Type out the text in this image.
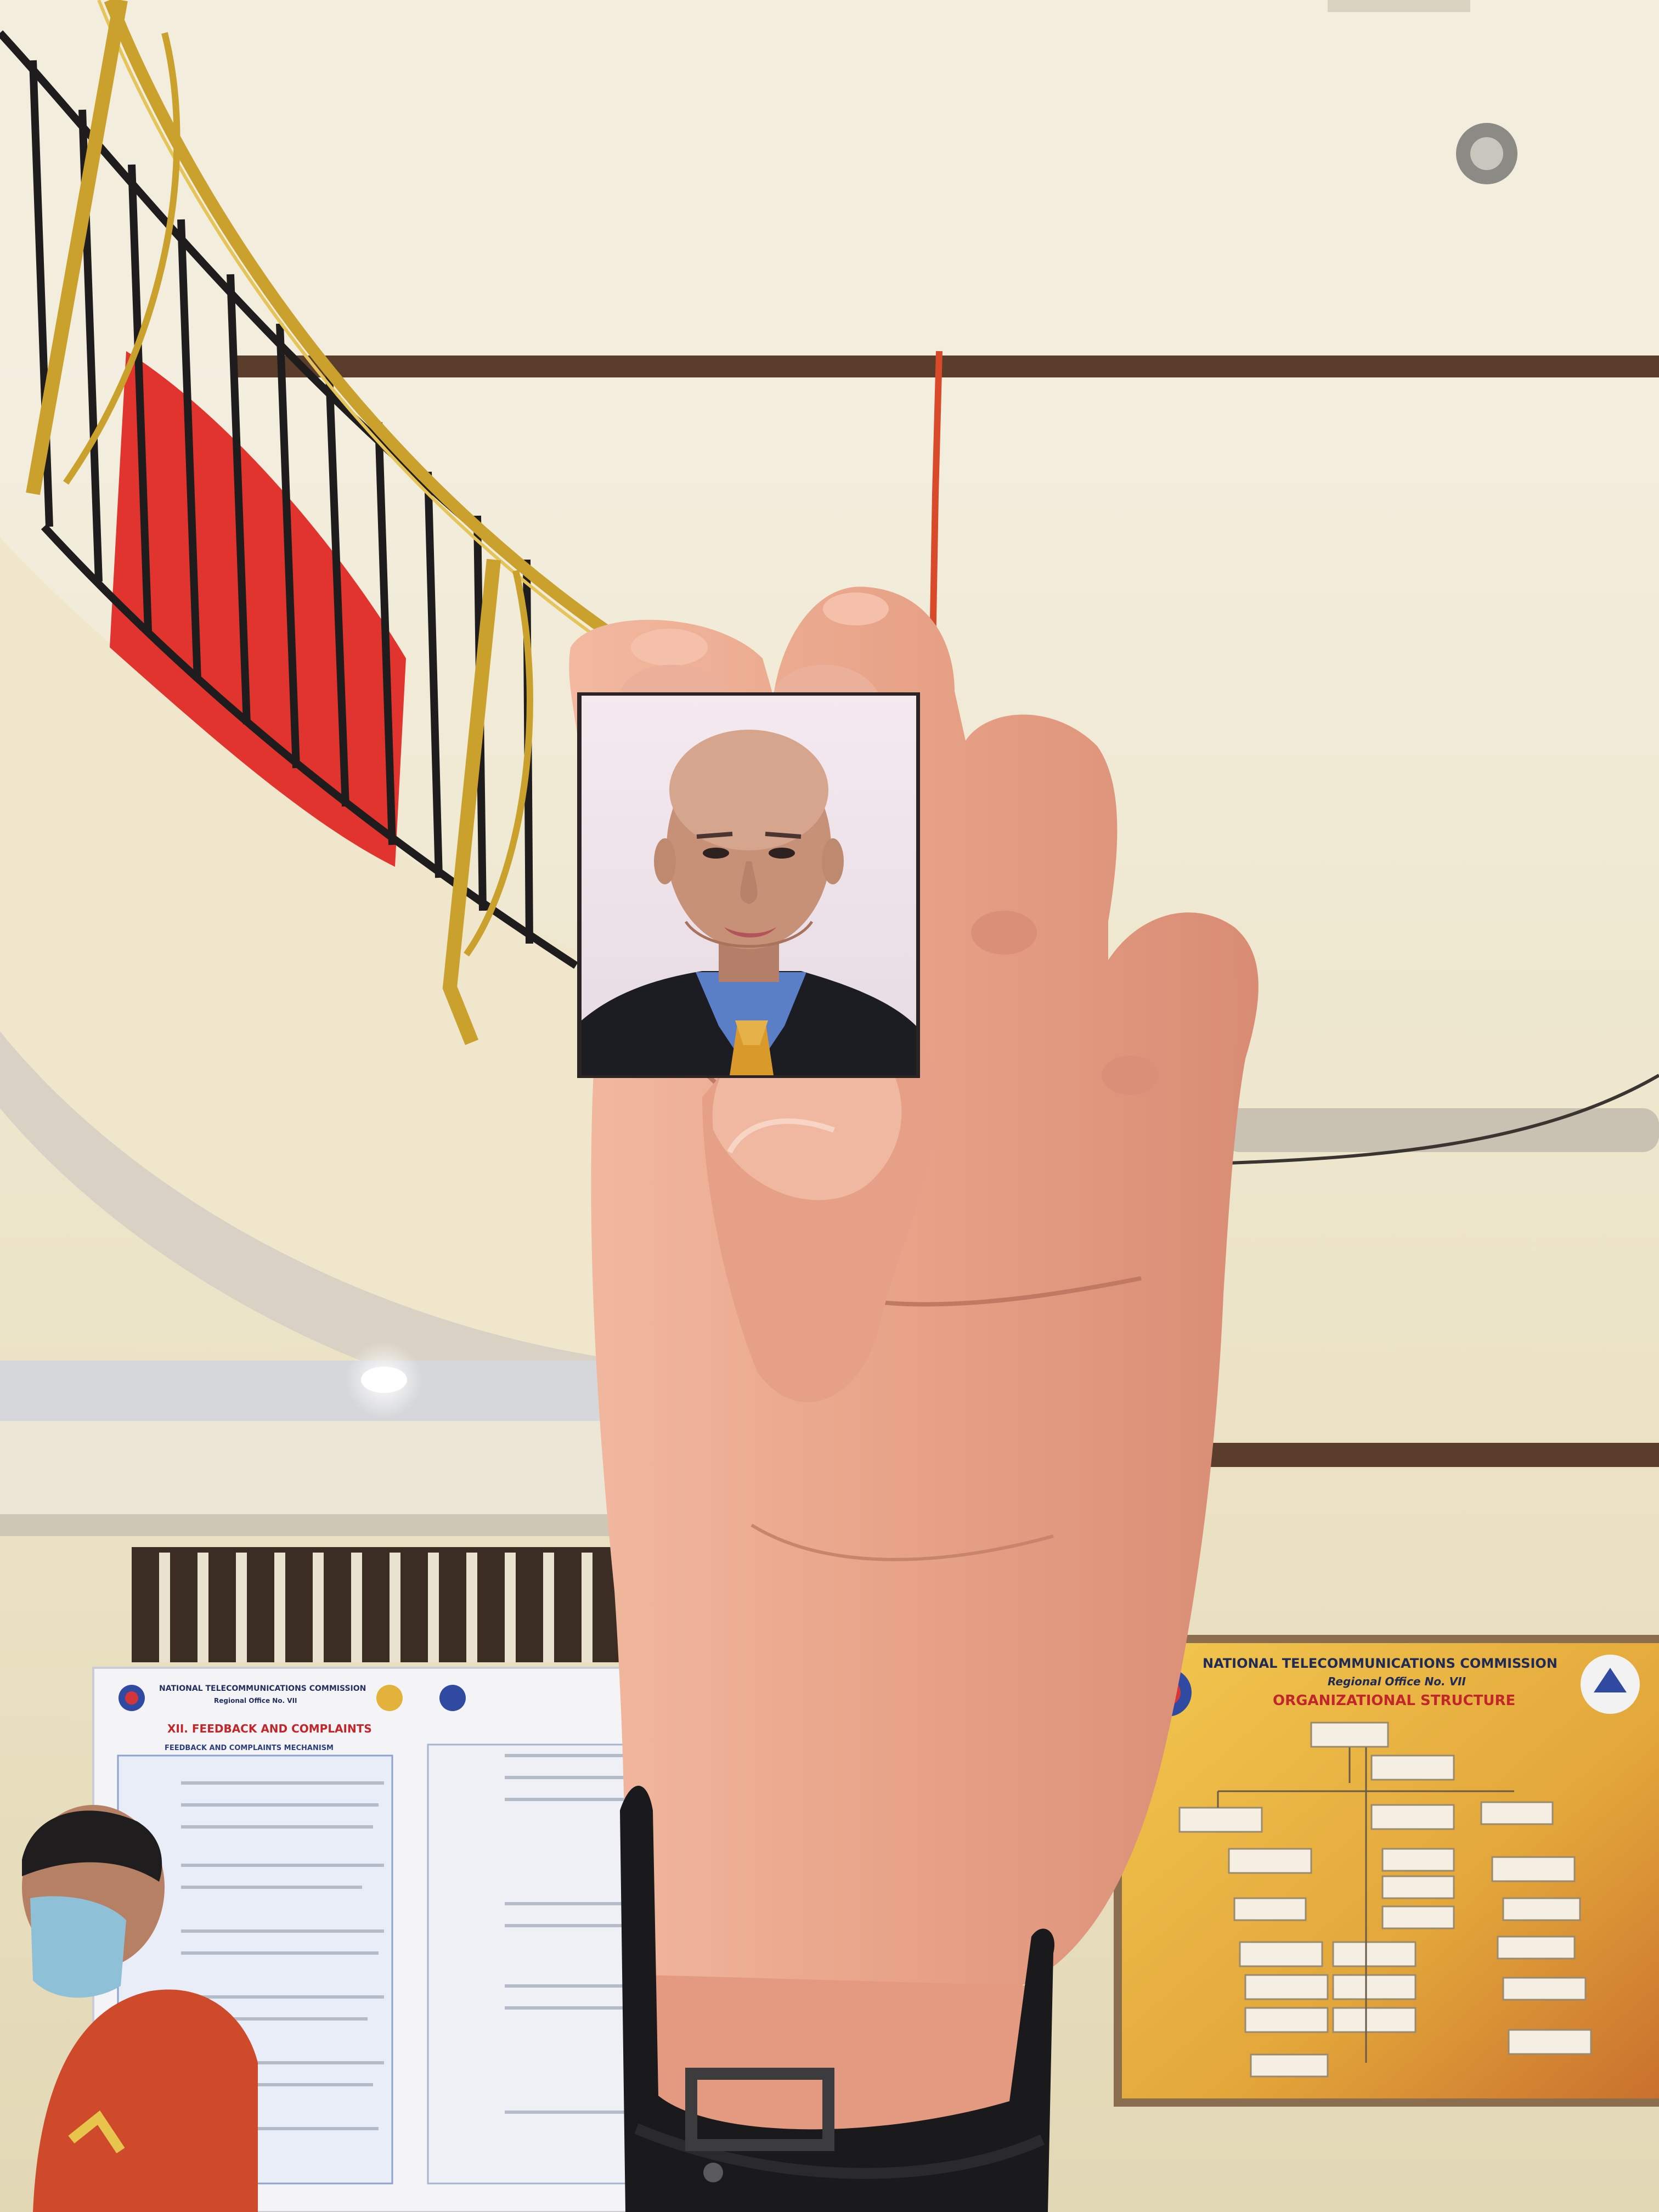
NATIONAL TELECOMMUNICATIONS COMMISSION
Regional Office No. VII
XII. FEEDBACK AND COMPLAINTS
FEEDBACK AND COMPLAINTS MECHANISM
NATIONAL TELECOMMUNICATIONS COMMISSION
Regional Office No. VII
ORGANIZATIONAL STRUCTURE
